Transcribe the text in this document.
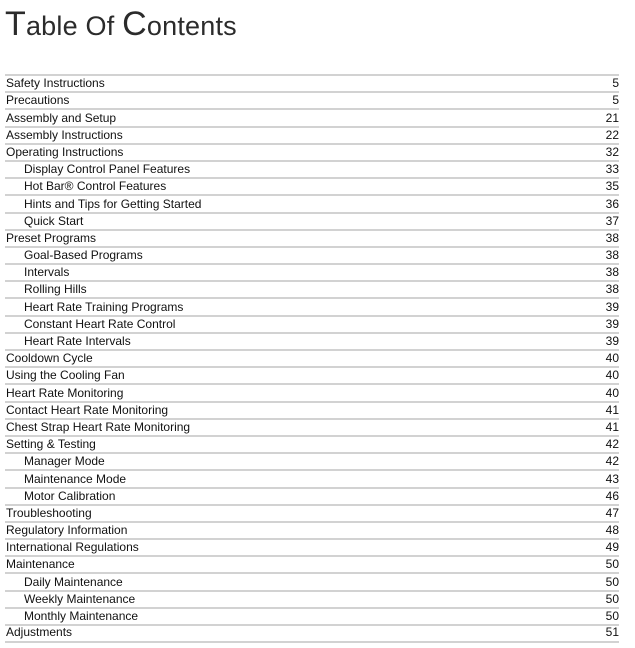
Table Of Contents
Safety Instructions	5
Precautions	5
Assembly and Setup	21
Assembly Instructions	22
Operating Instructions	32
Display Control Panel Features	33
Hot Bar® Control Features	35
Hints and Tips for Getting Started	36
Quick Start	37
Preset Programs	38
Goal-Based Programs	38
Intervals	38
Rolling Hills	38
Heart Rate Training Programs	39
Constant Heart Rate Control	39
Heart Rate Intervals	39
Cooldown Cycle	40
Using the Cooling Fan	40
Heart Rate Monitoring	40
Contact Heart Rate Monitoring	41
Chest Strap Heart Rate Monitoring	41
Setting & Testing	42
Manager Mode	42
Maintenance Mode	43
Motor Calibration	46
Troubleshooting	47
Regulatory Information	48
International Regulations	49
Maintenance	50
Daily Maintenance	50
Weekly Maintenance	50
Monthly Maintenance	50
Adjustments	51
